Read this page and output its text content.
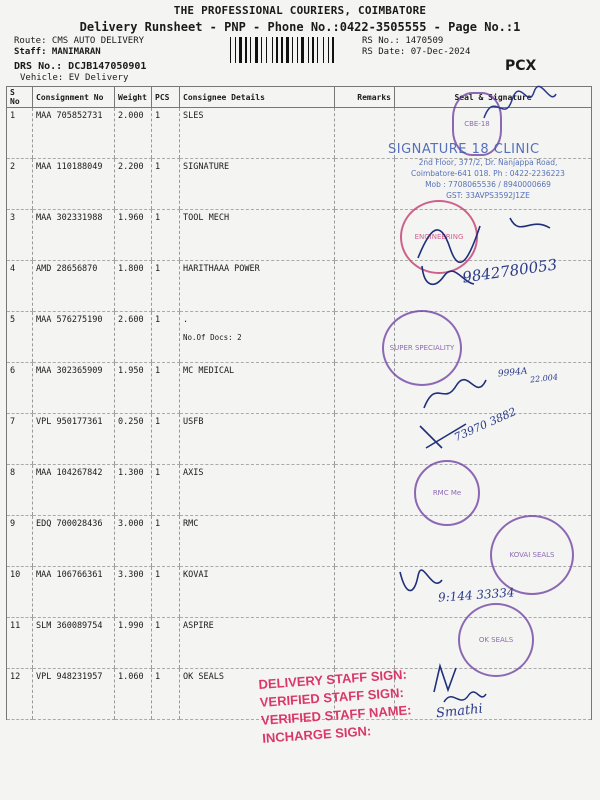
THE PROFESSIONAL COURIERS, COIMBATORE
Delivery Runsheet - PNP - Phone No.:0422-3505555 - Page No.:1
Route: CMS AUTO DELIVERY
Staff: MANIMARAN
DRS No.: DCJB147050901
Vehicle: EV Delivery
RS No.: 1470509
RS Date: 07-Dec-2024
PCX
S No	Consignment No	Weight	PCS	Consignee Details	Remarks	Seal & Signature
1	MAA 705852731	2.000	1	SLES

2	MAA 110188049	2.200	1	SIGNATURE

3	MAA 302331988	1.960	1	TOOL MECH

4	AMD 28656870	1.800	1	HARITHAAA POWER

5	MAA 576275190	2.600	1	.
No.Of Docs: 2		

6	MAA 302365909	1.950	1	MC MEDICAL

7	VPL 950177361	0.250	1	USFB

8	MAA 104267842	1.300	1	AXIS

9	EDQ 700028436	3.000	1	RMC

10	MAA 106766361	3.300	1	KOVAI

11	SLM 360089754	1.990	1	ASPIRE

12	VPL 948231957	1.060	1	OK SEALS

CBE-18
SIGNATURE 18 CLINIC
2nd Floor, 377/2, Dr. Nanjappa Road,
Coimbatore-641 018. Ph : 0422-2236223
Mob : 7708065536 / 8940000669
GST: 33AVPS3592J1ZE
ENGINEERING
SUPER SPECIALITY
RMC Me
KOVAI SEALS
OK SEALS
9842780053
9994A 22.004
73970 3882
9:144 33334
DELIVERY STAFF SIGN:
VERIFIED STAFF SIGN:
VERIFIED STAFF NAME:
INCHARGE SIGN:
Smathi
